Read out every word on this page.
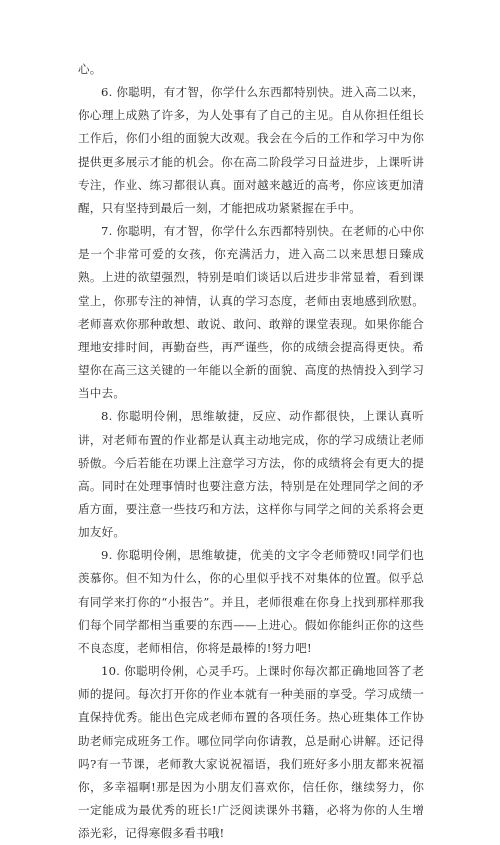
心。

6. 你聪明，有才智，你学什么东西都特别快。进入高二以来，你心理上成熟了许多，为人处事有了自己的主见。自从你担任组长工作后，你们小组的面貌大改观。我会在今后的工作和学习中为你提供更多展示才能的机会。你在高二阶段学习日益进步，上课听讲专注，作业、练习都很认真。面对越来越近的高考，你应该更加清醒，只有坚持到最后一刻，才能把成功紧紧握在手中。

7. 你聪明，有才智，你学什么东西都特别快。在老师的心中你是一个非常可爱的女孩，你充满活力，进入高二以来思想日臻成熟。上进的欲望强烈，特别是咱们谈话以后进步非常显着，看到课堂上，你那专注的神情，认真的学习态度，老师由衷地感到欣慰。老师喜欢你那种敢想、敢说、敢问、敢辩的课堂表现。如果你能合理地安排时间，再勤奋些，再严谨些，你的成绩会提高得更快。希望你在高三这关键的一年能以全新的面貌、高度的热情投入到学习当中去。

8. 你聪明伶俐，思维敏捷，反应、动作都很快，上课认真听讲，对老师布置的作业都是认真主动地完成，你的学习成绩让老师骄傲。今后若能在功课上注意学习方法，你的成绩将会有更大的提高。同时在处理事情时也要注意方法，特别是在处理同学之间的矛盾方面，要注意一些技巧和方法，这样你与同学之间的关系将会更加友好。

9. 你聪明伶俐，思维敏捷，优美的文字令老师赞叹!同学们也羡慕你。但不知为什么，你的心里似乎找不对集体的位置。似乎总有同学来打你的“小报告”。并且，老师很难在你身上找到那样那我们每个同学都相当重要的东西——上进心。假如你能纠正你的这些不良态度，老师相信，你将是最棒的!努力吧!

10. 你聪明伶俐，心灵手巧。上课时你每次都正确地回答了老师的提问。每次打开你的作业本就有一种美丽的享受。学习成绩一直保持优秀。能出色完成老师布置的各项任务。热心班集体工作协助老师完成班务工作。哪位同学向你请教，总是耐心讲解。还记得吗?有一节课，老师教大家说祝福语，我们班好多小朋友都来祝福你，多幸福啊!那是因为小朋友们喜欢你，信任你，继续努力，你一定能成为最优秀的班长!广泛阅读课外书籍，必将为你的人生增添光彩，记得寒假多看书哦!
